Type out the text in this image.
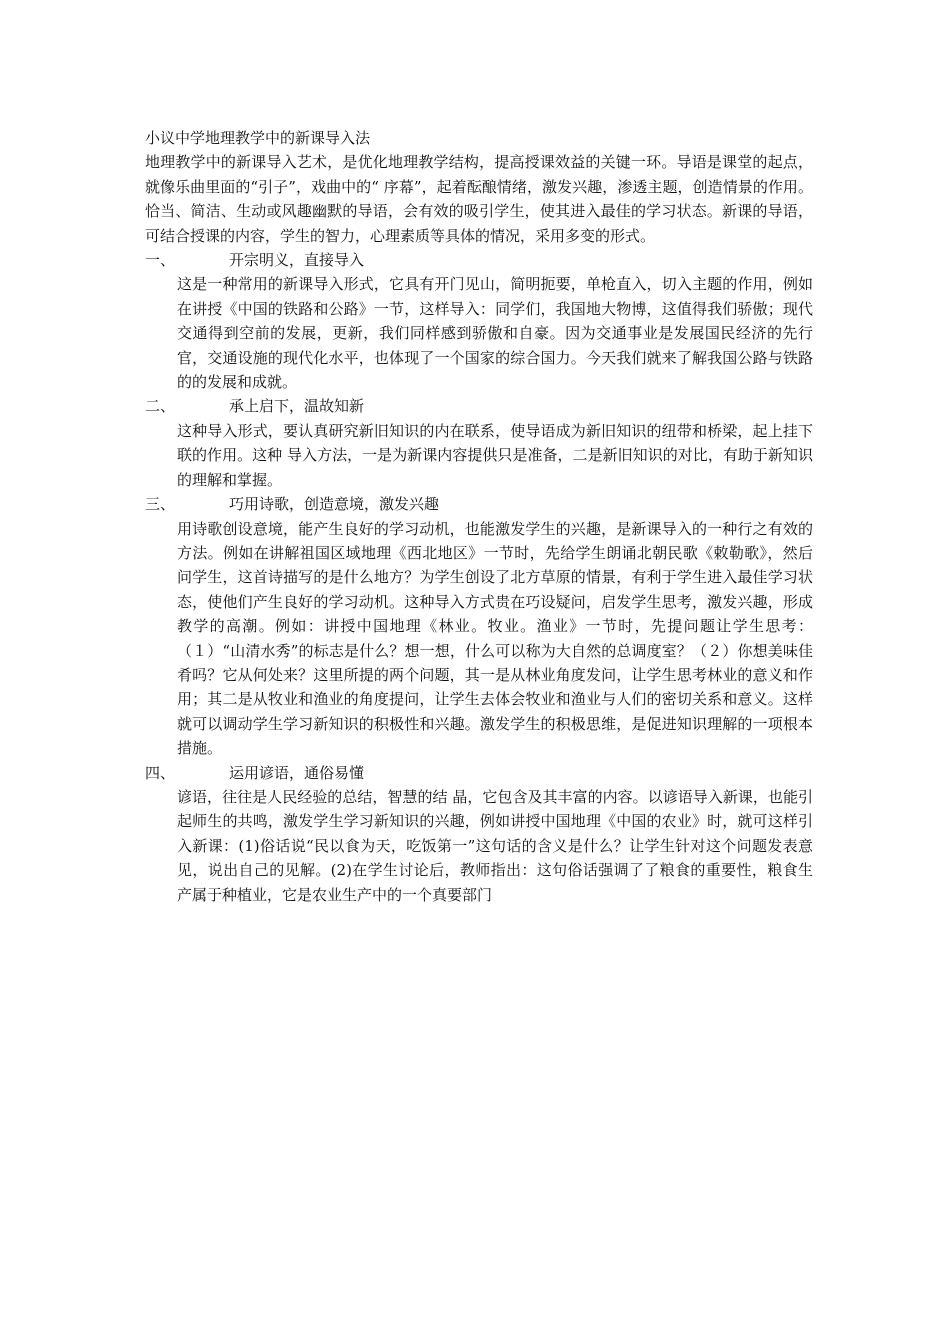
小议中学地理教学中的新课导入法

地理教学中的新课导入艺术，是优化地理教学结构，提高授课效益的关键一环。导语是课堂的起点，就像乐曲里面的“引子”，戏曲中的“ 序幕”，起着酝酿情绪，激发兴趣，渗透主题，创造情景的作用。恰当、简洁、生动或风趣幽默的导语，会有效的吸引学生，使其进入最佳的学习状态。新课的导语，可结合授课的内容，学生的智力，心理素质等具体的情况，采用多变的形式。

一、	开宗明义，直接导入

这是一种常用的新课导入形式，它具有开门见山，简明扼要，单枪直入，切入主题的作用，例如在讲授《中国的铁路和公路》一节，这样导入：同学们，我国地大物博，这值得我们骄傲；现代交通得到空前的发展，更新，我们同样感到骄傲和自豪。因为交通事业是发展国民经济的先行官，交通设施的现代化水平，也体现了一个国家的综合国力。今天我们就来了解我国公路与铁路的的发展和成就。

二、	承上启下，温故知新

这种导入形式，要认真研究新旧知识的内在联系，使导语成为新旧知识的纽带和桥梁，起上挂下联的作用。这种 导入方法，一是为新课内容提供只是准备，二是新旧知识的对比，有助于新知识的理解和掌握。

三、	巧用诗歌，创造意境，激发兴趣

用诗歌创设意境，能产生良好的学习动机，也能激发学生的兴趣，是新课导入的一种行之有效的方法。例如在讲解祖国区域地理《西北地区》一节时，先给学生朗诵北朝民歌《敕勒歌》，然后问学生，这首诗描写的是什么地方？为学生创设了北方草原的情景，有利于学生进入最佳学习状态，使他们产生良好的学习动机。这种导入方式贵在巧设疑问，启发学生思考，激发兴趣，形成教学的高潮。例如：讲授中国地理《林业。牧业。渔业》一节时，先提问题让学生思考：（１）“山清水秀”的标志是什么？想一想，什么可以称为大自然的总调度室？（２）你想美味佳肴吗？它从何处来？这里所提的两个问题，其一是从林业角度发问，让学生思考林业的意义和作用；其二是从牧业和渔业的角度提问，让学生去体会牧业和渔业与人们的密切关系和意义。这样就可以调动学生学习新知识的积极性和兴趣。激发学生的积极思维，是促进知识理解的一项根本措施。

四、	运用谚语，通俗易懂

谚语，往往是人民经验的总结，智慧的结 晶，它包含及其丰富的内容。以谚语导入新课，也能引起师生的共鸣，激发学生学习新知识的兴趣，例如讲授中国地理《中国的农业》时，就可这样引入新课：(1)俗话说“民以食为天，吃饭第一”这句话的含义是什么？让学生针对这个问题发表意见，说出自己的见解。(2)在学生讨论后，教师指出：这句俗话强调了了粮食的重要性，粮食生产属于种植业，它是农业生产中的一个真要部门
